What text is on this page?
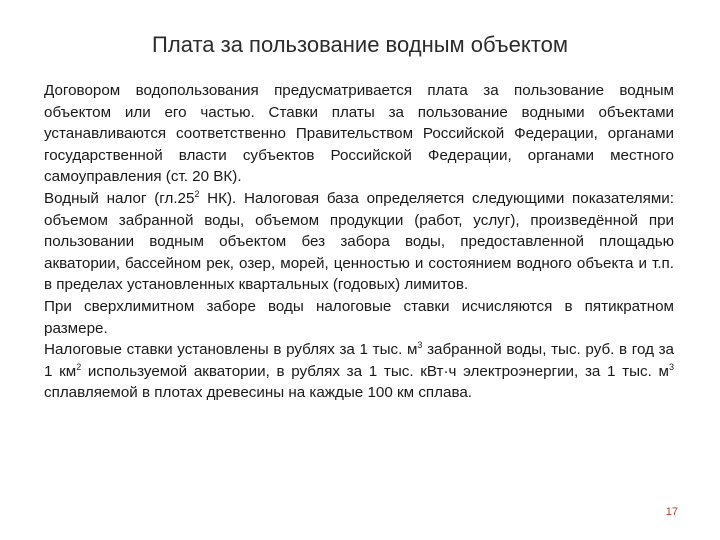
Плата за пользование водным объектом

Договором водопользования предусматривается плата за пользование водным объектом или его частью. Ставки платы за пользование водными объектами устанавливаются соответственно Правительством Российской Федерации, органами государственной власти субъектов Российской Федерации, органами местного самоуправления (ст. 20 ВК).

Водный налог ($гл.25^2$ НК). Налоговая база определяется следующими показателями: объемом забранной воды, объемом продукции (работ, услуг), произведённой при пользовании водным объектом без забора воды, предоставленной площадью акватории, бассейном рек, озер, морей, ценностью и состоянием водного объекта и т.п. в пределах установленных квартальных (годовых) лимитов.

При сверхлимитном заборе воды налоговые ставки исчисляются в пятикратном размере.

Налоговые ставки установлены в рублях за 1 тыс. $м^3$ забранной воды, тыс. руб. в год за 1 $км^2$ используемой акватории, в рублях за 1 тыс. кВт·ч электроэнергии, за 1 тыс. $м^3$ сплавляемой в плотах древесины на каждые 100 км сплава.

17
